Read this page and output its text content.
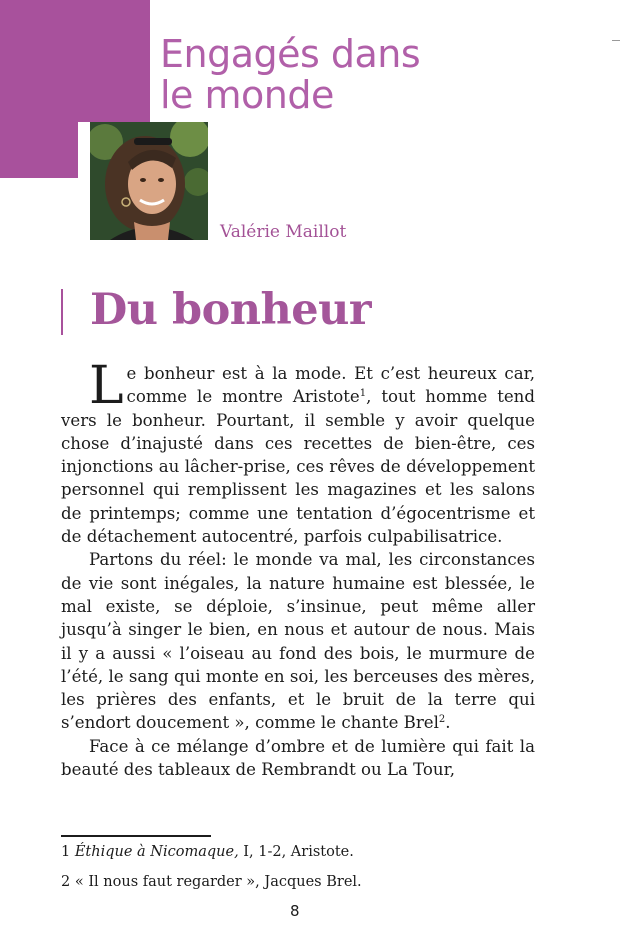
Engagés dans
le monde
Valérie Maillot
Du bonheur

Le bonheur est à la mode. Et c’est heureux car, comme le montre Aristote$^1$, tout homme tend vers le bonheur. Pourtant, il semble y avoir quelque chose d’inajusté dans ces recettes de bien-être, ces injonctions au lâcher-prise, ces rêves de développement personnel qui remplissent les magazines et les salons de printemps; comme une tentation d’égocentrisme et de détachement autocentré, parfois culpabilisatrice.

Partons du réel: le monde va mal, les circonstances de vie sont inégales, la nature humaine est blessée, le mal existe, se déploie, s’insinue, peut même aller jusqu’à singer le bien, en nous et autour de nous. Mais il y a aussi « l’oiseau au fond des bois, le murmure de l’été, le sang qui monte en soi, les berceuses des mères, les prières des enfants, et le bruit de la terre qui s’endort doucement », comme le chante Brel$^2$.

Face à ce mélange d’ombre et de lumière qui fait la beauté des tableaux de Rembrandt ou La Tour,

1 Éthique à Nicomaque, I, 1-2, Aristote.
2 « Il nous faut regarder », Jacques Brel.
8
